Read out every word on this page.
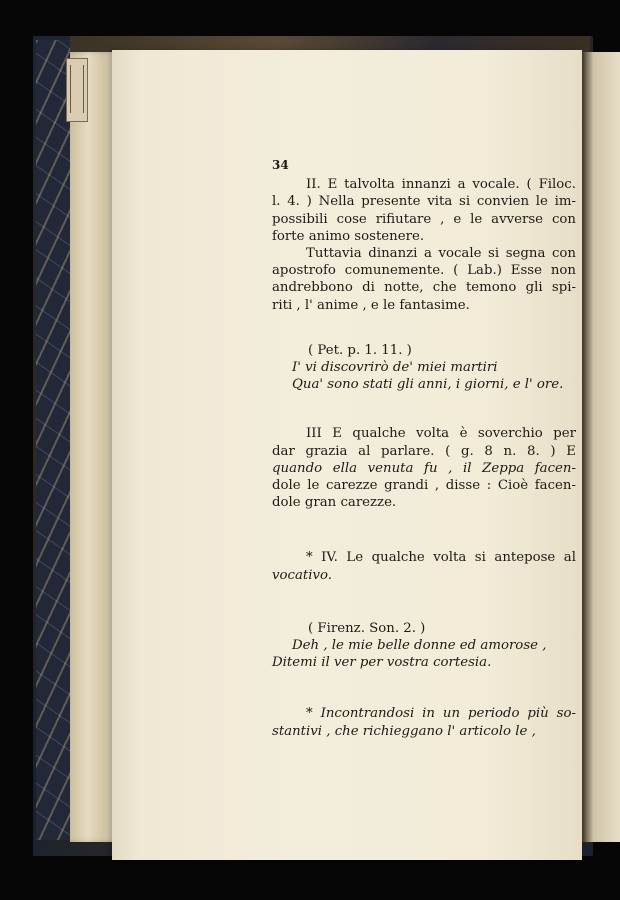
34
II. E talvolta innanzi a vocale. ( Filoc.
l. 4. ) Nella presente vita si convien le im-
possibili cose rifiutare , e le avverse con
forte animo sostenere.
Tuttavia dinanzi a vocale si segna con
apostrofo comunemente. ( Lab.) Esse non
andrebbono di notte, che temono gli spi-
riti , l' anime , e le fantasime.
( Pet. p. 1. 11. )
I' vi discovrirò de' miei martiri
Qua' sono stati gli anni, i giorni, e l' ore.
III E qualche volta è soverchio per
dar grazia al parlare. ( g. 8 n. 8. ) E
quando ella venuta fu , il Zeppa facen-
dole le carezze grandi , disse : Cioè facen-
dole gran carezze.
* IV. Le qualche volta si antepose al
vocativo.
( Firenz. Son. 2. )
Deh , le mie belle donne ed amorose ,
Ditemi il ver per vostra cortesia.
* Incontrandosi in un periodo più so-
stantivi , che richieggano l' articolo le ,
